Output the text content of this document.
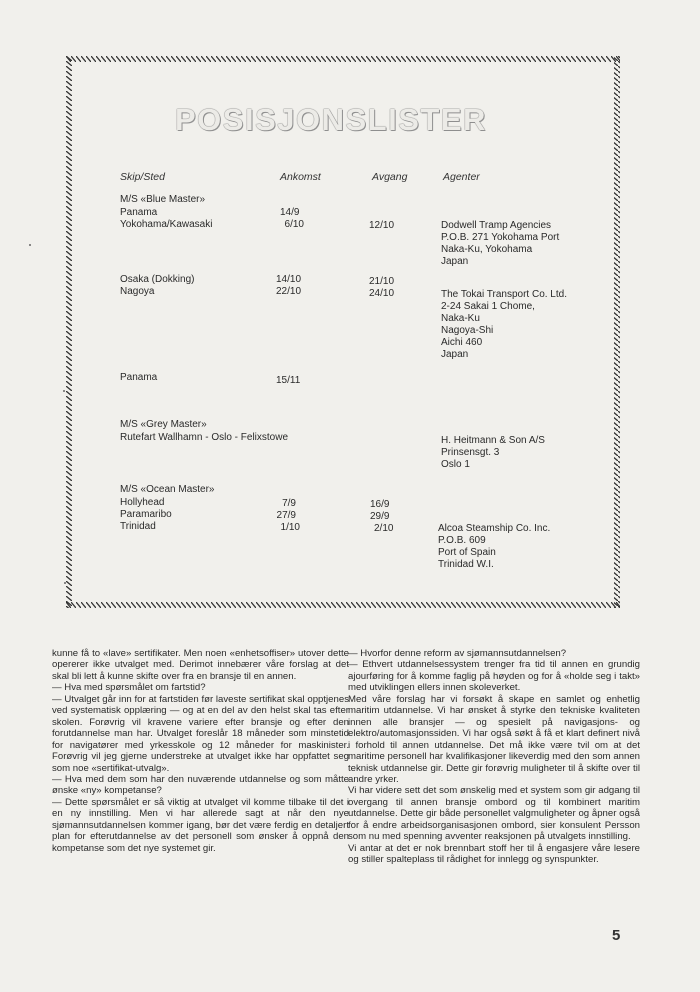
POSISJONSLISTER
Skip/Sted	Ankomst	Avgang	Agenter
M/S «Blue Master»
Panama	14/9
Yokohama/Kawasaki	6/10	12/10	Dodwell Tramp Agencies
P.O.B. 271 Yokohama Port
Naka-Ku, Yokohama
Japan
Osaka (Dokking)	14/10	21/10
Nagoya	22/10	24/10	The Tokai Transport Co. Ltd.
2-24 Sakai 1 Chome,
Naka-Ku
Nagoya-Shi
Aichi 460
Japan
Panama	15/11
M/S «Grey Master»
Rutefart Wallhamn - Oslo - Felixstowe	H. Heitmann & Son A/S
Prinsensgt. 3
Oslo 1
M/S «Ocean Master»
Hollyhead	7/9	16/9
Paramaribo	27/9	29/9
Trinidad	1/10	2/10	Alcoa Steamship Co. Inc.
P.O.B. 609
Port of Spain
Trinidad W.I.

kunne få to «lave» sertifikater. Men noen «enhetsoffiser» utover dette opererer ikke utvalget med. Derimot innebærer våre forslag at det skal bli lett å kunne skifte over fra en bransje til en annen.

— Hva med spørsmålet om fartstid?

— Utvalget går inn for at fartstiden før laveste sertifikat skal opptjenes ved systematisk opplæring — og at en del av den helst skal tas efter skolen. Forøvrig vil kravene variere efter bransje og efter den forutdannelse man har. Utvalget foreslår 18 måneder som minstetid for navigatører med yrkesskole og 12 måneder for maskinister. Forøvrig vil jeg gjerne understreke at utvalget ikke har oppfattet seg som noe «sertifikat-utvalg».

— Hva med dem som har den nuværende utdannelse og som måtte ønske «ny» kompetanse?

— Dette spørsmålet er så viktig at utvalget vil komme tilbake til det i en ny innstilling. Men vi har allerede sagt at når den nye sjømannsutdannelsen kommer igang, bør det være ferdig en detaljert plan for efterutdannelse av det personell som ønsker å oppnå den kompetanse som det nye systemet gir.

— Hvorfor denne reform av sjømannsutdannelsen?

— Ethvert utdannelsessystem trenger fra tid til annen en grundig ajourføring for å komme faglig på høyden og for å «holde seg i takt» med utviklingen ellers innen skoleverket.

Med våre forslag har vi forsøkt å skape en samlet og enhetlig maritim utdannelse. Vi har ønsket å styrke den tekniske kvaliteten innen alle bransjer — og spesielt på navigasjons- og elektro/automasjonssiden. Vi har også søkt å få et klart definert nivå i forhold til annen utdannelse. Det må ikke være tvil om at det maritime personell har kvalifikasjoner likeverdig med den som annen teknisk utdannelse gir. Dette gir forøvrig muligheter til å skifte over til andre yrker.

Vi har videre sett det som ønskelig med et system som gir adgang til overgang til annen bransje ombord og til kombinert maritim utdannelse. Dette gir både personellet valgmuligheter og åpner også for å endre arbeidsorganisasjonen ombord, sier konsulent Persson som nu med spenning avventer reaksjonen på utvalgets innstilling.

Vi antar at det er nok brennbart stoff her til å engasjere våre lesere og stiller spalteplass til rådighet for innlegg og synspunkter.

5
